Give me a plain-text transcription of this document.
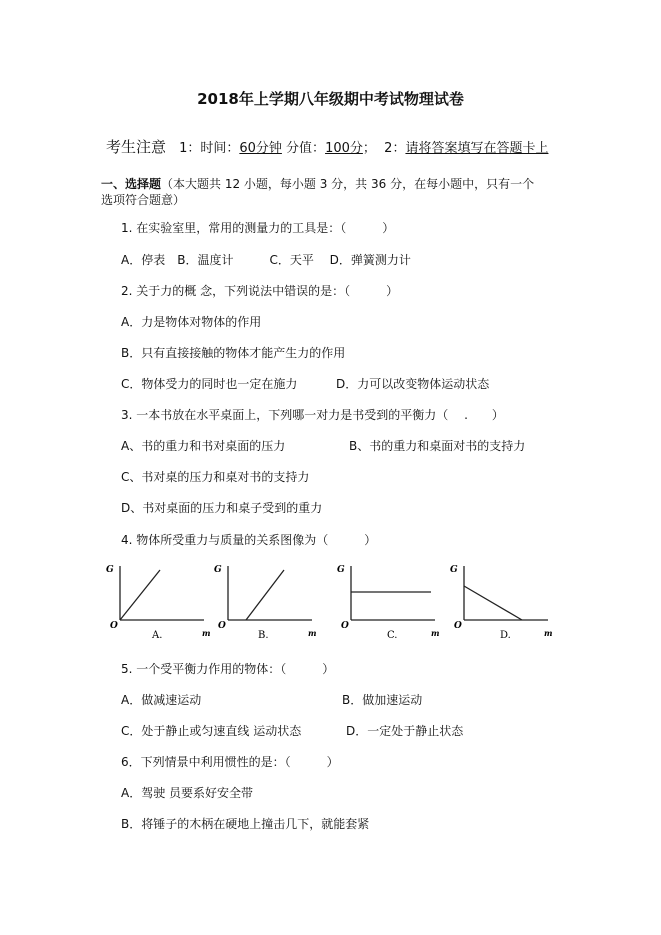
2018年上学期八年级期中考试物理试卷
考生注意 1：时间：60分钟 分值：100分； 2：请将答案填写在答题卡上
一、选择题（本大题共 12 小题，每小题 3 分，共 36 分，在每小题中，只有一个
选项符合题意）
1. 在实验室里，常用的测量力的工具是：（　　　）
A．停表　B．温度计　　　C．天平　 D．弹簧测力计
2. 关于力的概 念，下列说法中错误的是：（　　　）
A．力是物体对物体的作用
B．只有直接接触的物体才能产生力的作用
C．物体受力的同时也一定在施力	D．力可以改变物体运动状态
3. 一本书放在水平桌面上，下列哪一对力是书受到的平衡力（　 .　　）
A、书的重力和书对桌面的压力	B、书的重力和桌面对书的支持力
C、书对桌的压力和桌对书的支持力
D、书对桌面的压力和桌子受到的重力
4. 物体所受重力与质量的关系图像为（　　　）
G
O
m
A.
G
O
m
B.
G
O
m
C.
G
O
m
D.
5. 一个受平衡力作用的物体：（　　　）
A．做减速运动	B．做加速运动
C．处于静止或匀速直线 运动状态	D．一定处于静止状态
6．下列情景中利用惯性的是：（　　　）
A．驾驶 员要系好安全带
B．将锤子的木柄在硬地上撞击几下，就能套紧
